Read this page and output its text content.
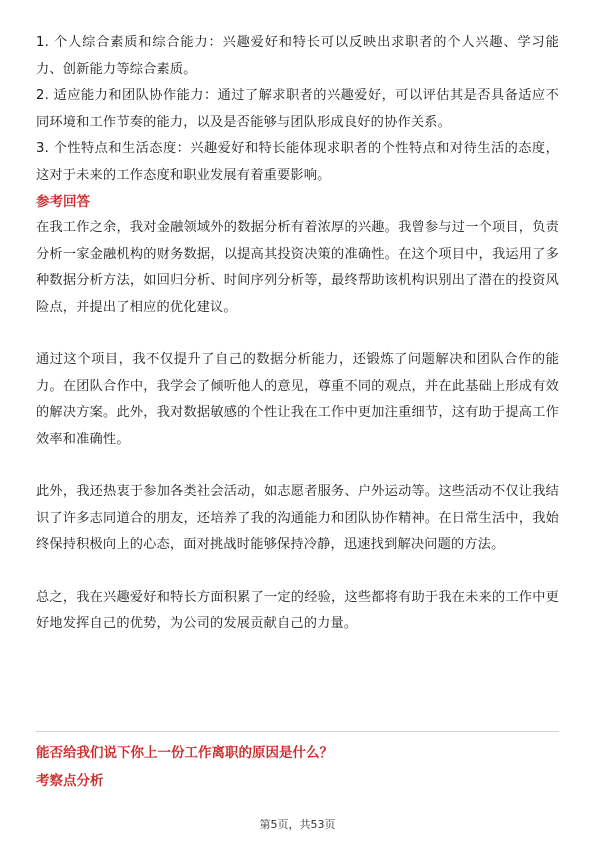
1. 个人综合素质和综合能力：兴趣爱好和特长可以反映出求职者的个人兴趣、学习能力、创新能力等综合素质。

2. 适应能力和团队协作能力：通过了解求职者的兴趣爱好，可以评估其是否具备适应不同环境和工作节奏的能力，以及是否能够与团队形成良好的协作关系。

3. 个性特点和生活态度：兴趣爱好和特长能体现求职者的个性特点和对待生活的态度，这对于未来的工作态度和职业发展有着重要影响。

参考回答

在我工作之余，我对金融领域外的数据分析有着浓厚的兴趣。我曾参与过一个项目，负责分析一家金融机构的财务数据，以提高其投资决策的准确性。在这个项目中，我运用了多种数据分析方法，如回归分析、时间序列分析等，最终帮助该机构识别出了潜在的投资风险点，并提出了相应的优化建议。

通过这个项目，我不仅提升了自己的数据分析能力，还锻炼了问题解决和团队合作的能力。在团队合作中，我学会了倾听他人的意见，尊重不同的观点，并在此基础上形成有效的解决方案。此外，我对数据敏感的个性让我在工作中更加注重细节，这有助于提高工作效率和准确性。

此外，我还热衷于参加各类社会活动，如志愿者服务、户外运动等。这些活动不仅让我结识了许多志同道合的朋友，还培养了我的沟通能力和团队协作精神。在日常生活中，我始终保持积极向上的心态，面对挑战时能够保持冷静，迅速找到解决问题的方法。

总之，我在兴趣爱好和特长方面积累了一定的经验，这些都将有助于我在未来的工作中更好地发挥自己的优势，为公司的发展贡献自己的力量。

能否给我们说下你上一份工作离职的原因是什么？

考察点分析

第5页，共53页
